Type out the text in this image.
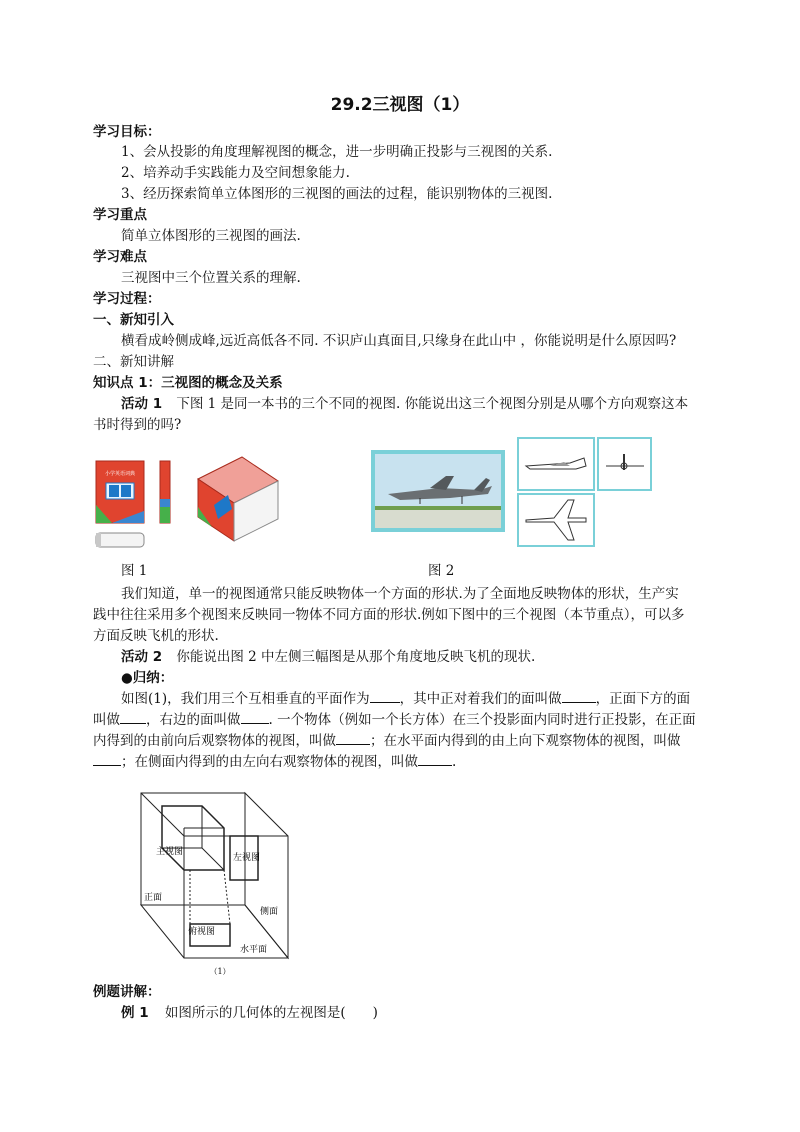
29.2三视图（1）
学习目标：
1、会从投影的角度理解视图的概念，进一步明确正投影与三视图的关系.
2、培养动手实践能力及空间想象能力.
3、经历探索简单立体图形的三视图的画法的过程，能识别物体的三视图.
学习重点
简单立体图形的三视图的画法.
学习难点
三视图中三个位置关系的理解.
学习过程：
一、新知引入
横看成岭侧成峰,远近高低各不同. 不识庐山真面目,只缘身在此山中 ，你能说明是什么原因吗?
二、新知讲解
知识点 1：三视图的概念及关系
活动 1 下图 1 是同一本书的三个不同的视图. 你能说出这三个视图分别是从哪个方向观察这本
书时得到的吗?
小学英语词典
图 1	图 2
我们知道，单一的视图通常只能反映物体一个方面的形状.为了全面地反映物体的形状，生产实
践中往往采用多个视图来反映同一物体不同方面的形状.例如下图中的三个视图（本节重点），可以多
方面反映飞机的形状.
活动 2 你能说出图 2 中左侧三幅图是从那个角度地反映飞机的现状.
●归纳：
如图(1)，我们用三个互相垂直的平面作为 ，其中正对着我们的面叫做	，正面下方的面
叫做 ，右边的面叫做 . 一个物体（例如一个长方体）在三个投影面内同时进行正投影，在正面
内得到的由前向后观察物体的视图，叫做	；在水平面内得到的由上向下观察物体的视图，叫做
；在侧面内得到的由左向右观察物体的视图，叫做	.
主视图
左视图
正面
侧面
俯视图
水平面
（1）
例题讲解：
例 1 如图所示的几何体的左视图是(　　)
